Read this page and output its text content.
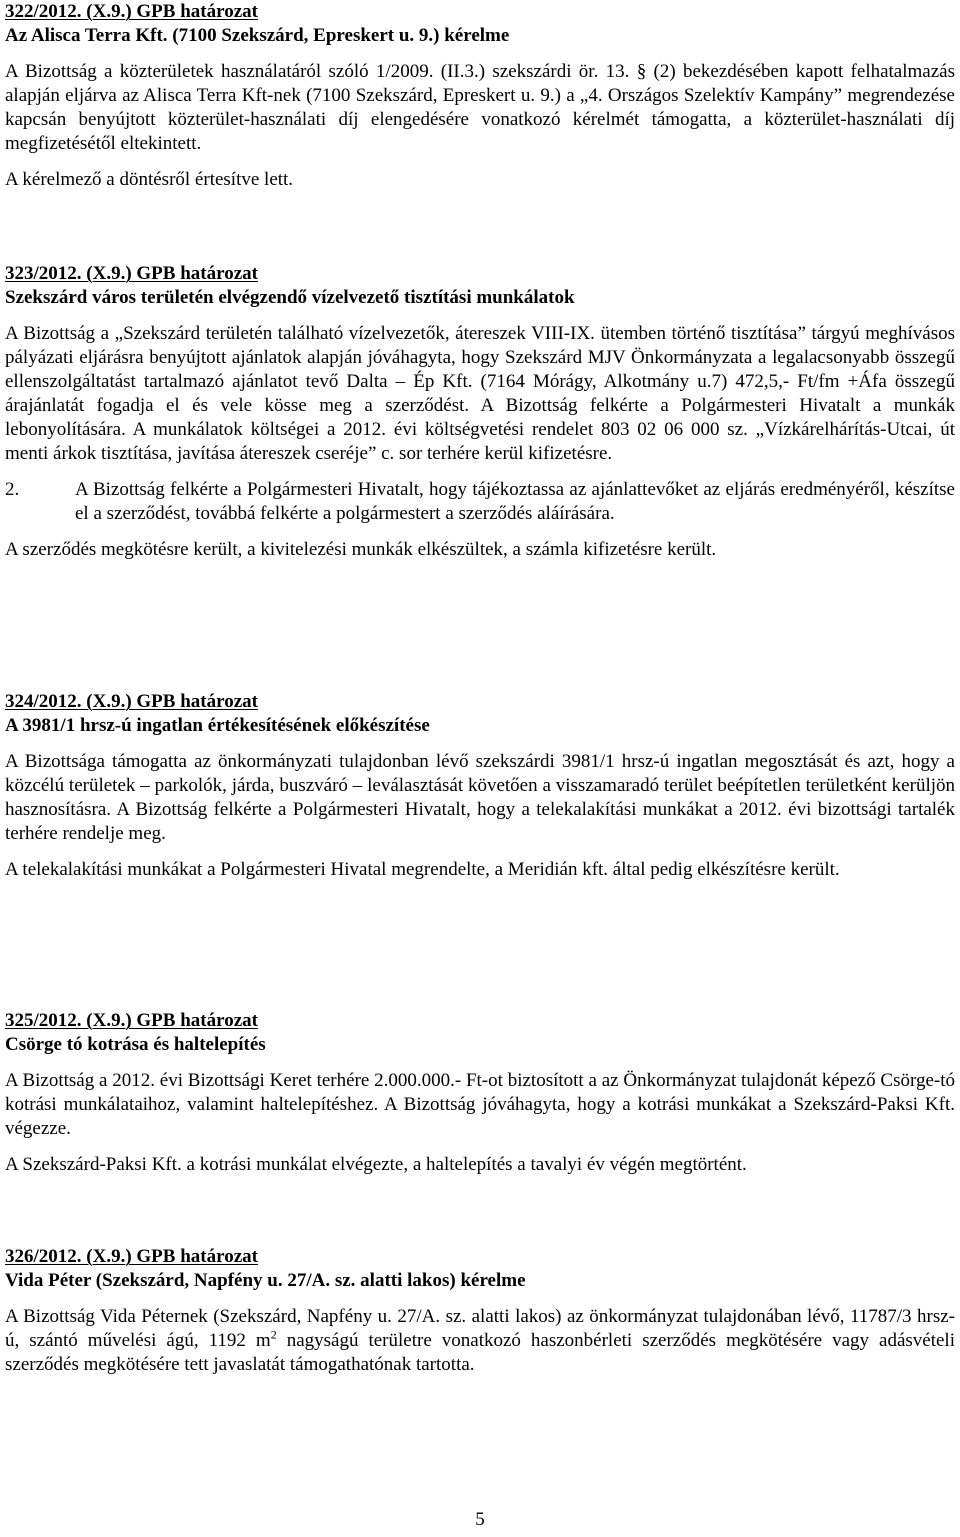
322/2012. (X.9.) GPB határozat
Az Alisca Terra Kft. (7100 Szekszárd, Epreskert u. 9.) kérelme
A Bizottság a közterületek használatáról szóló 1/2009. (II.3.) szekszárdi ör. 13. § (2) bekezdésében kapott felhatalmazás alapján eljárva az Alisca Terra Kft-nek (7100 Szekszárd, Epreskert u. 9.) a „4. Országos Szelektív Kampány” megrendezése kapcsán benyújtott közterület-használati díj elengedésére vonatkozó kérelmét támogatta, a közterület-használati díj megfizetésétől eltekintett.
A kérelmező a döntésről értesítve lett.
323/2012. (X.9.) GPB határozat
Szekszárd város területén elvégzendő vízelvezető tisztítási munkálatok
A Bizottság a „Szekszárd területén található vízelvezetők, átereszek VIII-IX. ütemben történő tisztítása” tárgyú meghívásos pályázati eljárásra benyújtott ajánlatok alapján jóváhagyta, hogy Szekszárd MJV Önkormányzata a legalacsonyabb összegű ellenszolgáltatást tartalmazó ajánlatot tevő Dalta – Ép Kft. (7164 Mórágy, Alkotmány u.7) 472,5,- Ft/fm +Áfa összegű árajánlatát fogadja el és vele kösse meg a szerződést. A Bizottság felkérte a Polgármesteri Hivatalt a munkák lebonyolítására. A munkálatok költségei a 2012. évi költségvetési rendelet 803 02 06 000 sz. „Vízkárelhárítás-Utcai, út menti árkok tisztítása, javítása átereszek cseréje” c. sor terhére kerül kifizetésre.
2.	A Bizottság felkérte a Polgármesteri Hivatalt, hogy tájékoztassa az ajánlattevőket az eljárás eredményéről, készítse el a szerződést, továbbá felkérte a polgármestert a szerződés aláírására.
A szerződés megkötésre került, a kivitelezési munkák elkészültek, a számla kifizetésre került.
324/2012. (X.9.) GPB határozat
A 3981/1 hrsz-ú ingatlan értékesítésének előkészítése
A Bizottsága támogatta az önkormányzati tulajdonban lévő szekszárdi 3981/1 hrsz-ú ingatlan megosztását és azt, hogy a közcélú területek – parkolók, járda, buszváró – leválasztását követően a visszamaradó terület beépítetlen területként kerüljön hasznosításra. A Bizottság felkérte a Polgármesteri Hivatalt, hogy a telekalakítási munkákat a 2012. évi bizottsági tartalék terhére rendelje meg.
A telekalakítási munkákat a Polgármesteri Hivatal megrendelte, a Meridián kft. által pedig elkészítésre került.
325/2012. (X.9.) GPB határozat
Csörge tó kotrása és haltelepítés
A Bizottság a 2012. évi Bizottsági Keret terhére 2.000.000.- Ft-ot biztosított a az Önkormányzat tulajdonát képező Csörge-tó kotrási munkálataihoz, valamint haltelepítéshez. A Bizottság jóváhagyta, hogy a kotrási munkákat a Szekszárd-Paksi Kft. végezze.
A Szekszárd-Paksi Kft. a kotrási munkálat elvégezte, a haltelepítés a tavalyi év végén megtörtént.
326/2012. (X.9.) GPB határozat
Vida Péter (Szekszárd, Napfény u. 27/A. sz. alatti lakos) kérelme
A Bizottság Vida Péternek (Szekszárd, Napfény u. 27/A. sz. alatti lakos) az önkormányzat tulajdonában lévő, 11787/3 hrsz-ú, szántó művelési ágú, 1192 $m^2$ nagyságú területre vonatkozó haszonbérleti szerződés megkötésére vagy adásvételi szerződés megkötésére tett javaslatát támogathatónak tartotta.
5
